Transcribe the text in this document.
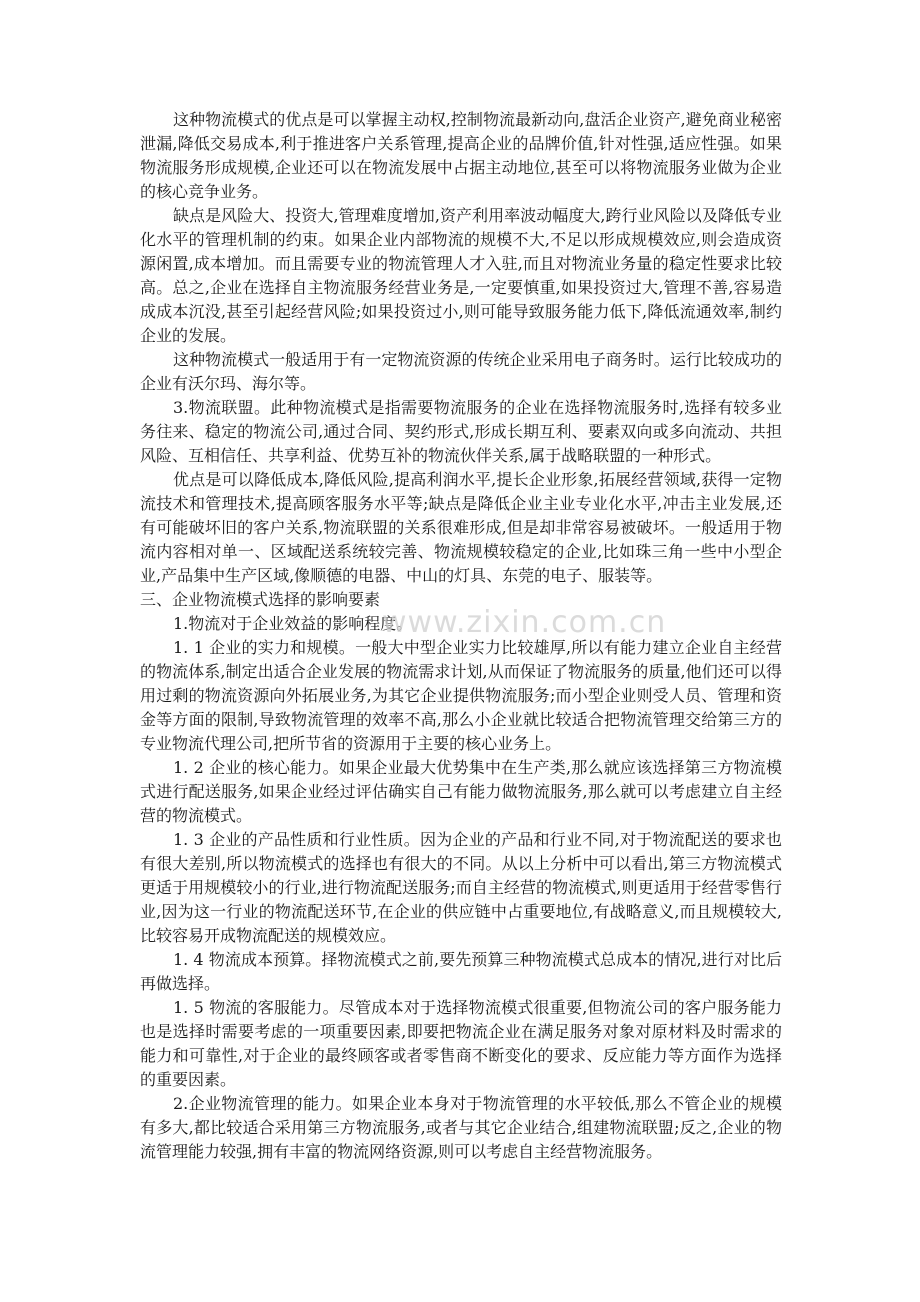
这种物流模式的优点是可以掌握主动权,控制物流最新动向,盘活企业资产,避免商业秘密泄漏,降低交易成本,利于推进客户关系管理,提高企业的品牌价值,针对性强,适应性强。如果物流服务形成规模,企业还可以在物流发展中占据主动地位,甚至可以将物流服务业做为企业的核心竞争业务。

缺点是风险大、投资大,管理难度增加,资产利用率波动幅度大,跨行业风险以及降低专业化水平的管理机制的约束。如果企业内部物流的规模不大,不足以形成规模效应,则会造成资源闲置,成本增加。而且需要专业的物流管理人才入驻,而且对物流业务量的稳定性要求比较高。总之,企业在选择自主物流服务经营业务是,一定要慎重,如果投资过大,管理不善,容易造成成本沉没,甚至引起经营风险;如果投资过小,则可能导致服务能力低下,降低流通效率,制约企业的发展。

这种物流模式一般适用于有一定物流资源的传统企业采用电子商务时。运行比较成功的企业有沃尔玛、海尔等。

3.物流联盟。此种物流模式是指需要物流服务的企业在选择物流服务时,选择有较多业务往来、稳定的物流公司,通过合同、契约形式,形成长期互利、要素双向或多向流动、共担风险、互相信任、共享利益、优势互补的物流伙伴关系,属于战略联盟的一种形式。

优点是可以降低成本,降低风险,提高利润水平,提长企业形象,拓展经营领域,获得一定物流技术和管理技术,提高顾客服务水平等;缺点是降低企业主业专业化水平,冲击主业发展,还有可能破坏旧的客户关系,物流联盟的关系很难形成,但是却非常容易被破坏。一般适用于物流内容相对单一、区域配送系统较完善、物流规模较稳定的企业,比如珠三角一些中小型企业,产品集中生产区域,像顺德的电器、中山的灯具、东莞的电子、服装等。

三、企业物流模式选择的影响要素

1.物流对于企业效益的影响程度。

1. 1 企业的实力和规模。一般大中型企业实力比较雄厚,所以有能力建立企业自主经营的物流体系,制定出适合企业发展的物流需求计划,从而保证了物流服务的质量,他们还可以得用过剩的物流资源向外拓展业务,为其它企业提供物流服务;而小型企业则受人员、管理和资金等方面的限制,导致物流管理的效率不高,那么小企业就比较适合把物流管理交给第三方的专业物流代理公司,把所节省的资源用于主要的核心业务上。

1. 2 企业的核心能力。如果企业最大优势集中在生产类,那么就应该选择第三方物流模式进行配送服务,如果企业经过评估确实自己有能力做物流服务,那么就可以考虑建立自主经营的物流模式。

1. 3 企业的产品性质和行业性质。因为企业的产品和行业不同,对于物流配送的要求也有很大差别,所以物流模式的选择也有很大的不同。从以上分析中可以看出,第三方物流模式更适于用规模较小的行业,进行物流配送服务;而自主经营的物流模式,则更适用于经营零售行业,因为这一行业的物流配送环节,在企业的供应链中占重要地位,有战略意义,而且规模较大,比较容易开成物流配送的规模效应。

1. 4 物流成本预算。择物流模式之前,要先预算三种物流模式总成本的情况,进行对比后再做选择。

1. 5 物流的客服能力。尽管成本对于选择物流模式很重要,但物流公司的客户服务能力也是选择时需要考虑的一项重要因素,即要把物流企业在满足服务对象对原材料及时需求的能力和可靠性,对于企业的最终顾客或者零售商不断变化的要求、反应能力等方面作为选择的重要因素。

2.企业物流管理的能力。如果企业本身对于物流管理的水平较低,那么不管企业的规模有多大,都比较适合采用第三方物流服务,或者与其它企业结合,组建物流联盟;反之,企业的物流管理能力较强,拥有丰富的物流网络资源,则可以考虑自主经营物流服务。

www.zixin.com.cn
